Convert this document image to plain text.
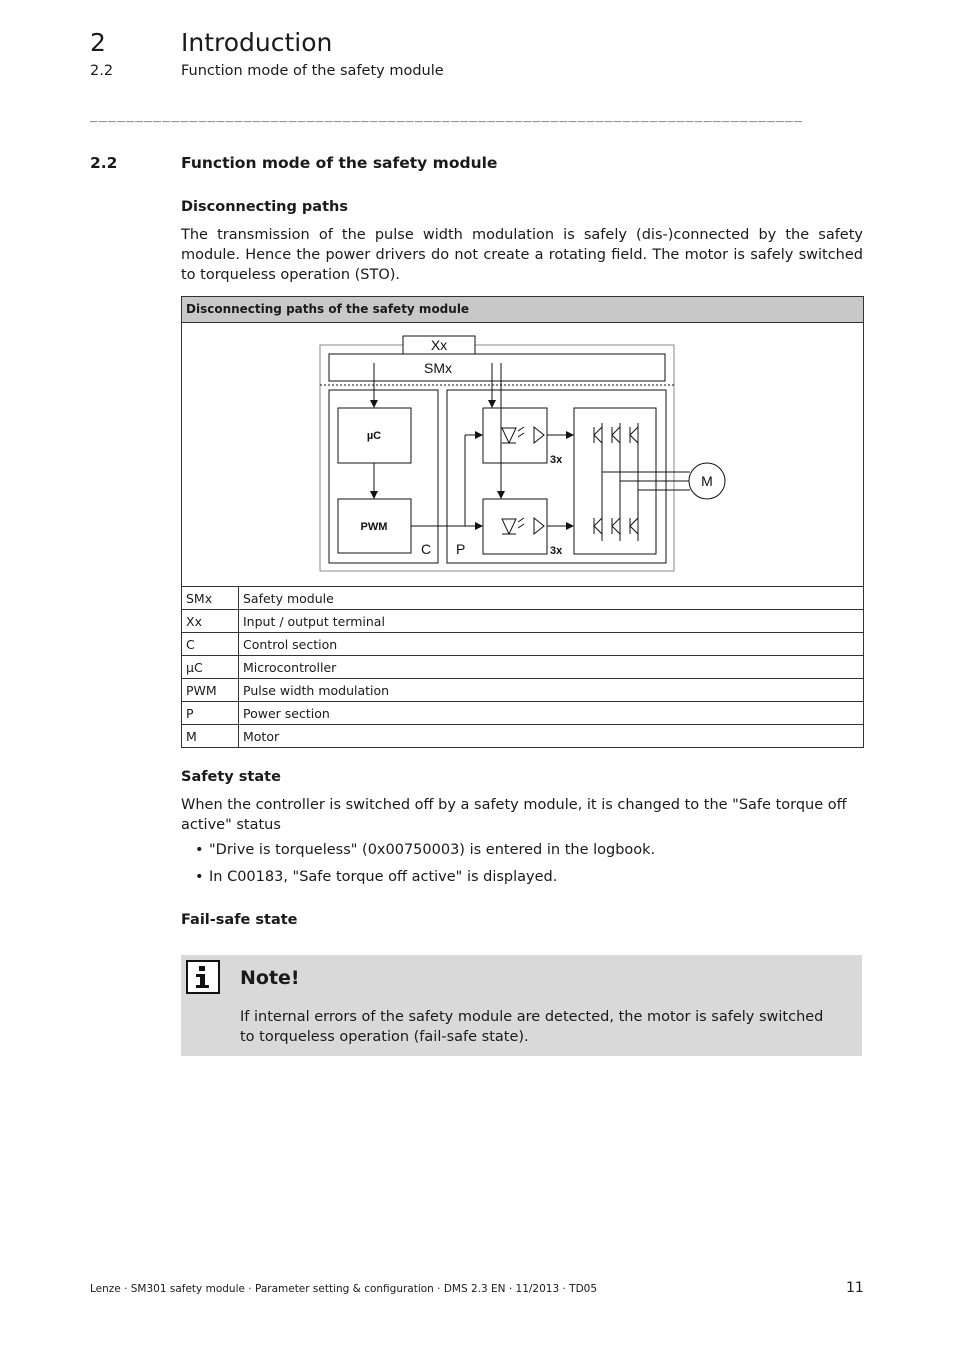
2	Introduction
2.2	Function mode of the safety module
_______________________________________________________________________________
2.2	Function mode of the safety module
Disconnecting paths
The transmission of the pulse width modulation is safely (dis-)connected by the safety module. Hence the power drivers do not create a rotating field. The motor is safely switched to torqueless operation (STO).
Disconnecting paths of the safety module
Xx
SMx
µC
PWM
C P
3x
3x
M
SMx	Safety module
Xx	Input / output terminal
C	Control section
µC	Microcontroller
PWM	Pulse width modulation
P	Power section
M	Motor
Safety state
When the controller is switched off by a safety module, it is changed to the "Safe torque off active" status
• "Drive is torqueless" (0x00750003) is entered in the logbook.
• In C00183, "Safe torque off active" is displayed.
Fail-safe state
Note!
If internal errors of the safety module are detected, the motor is safely switched to torqueless operation (fail-safe state).
Lenze · SM301 safety module · Parameter setting & configuration · DMS 2.3 EN · 11/2013 · TD05	11
